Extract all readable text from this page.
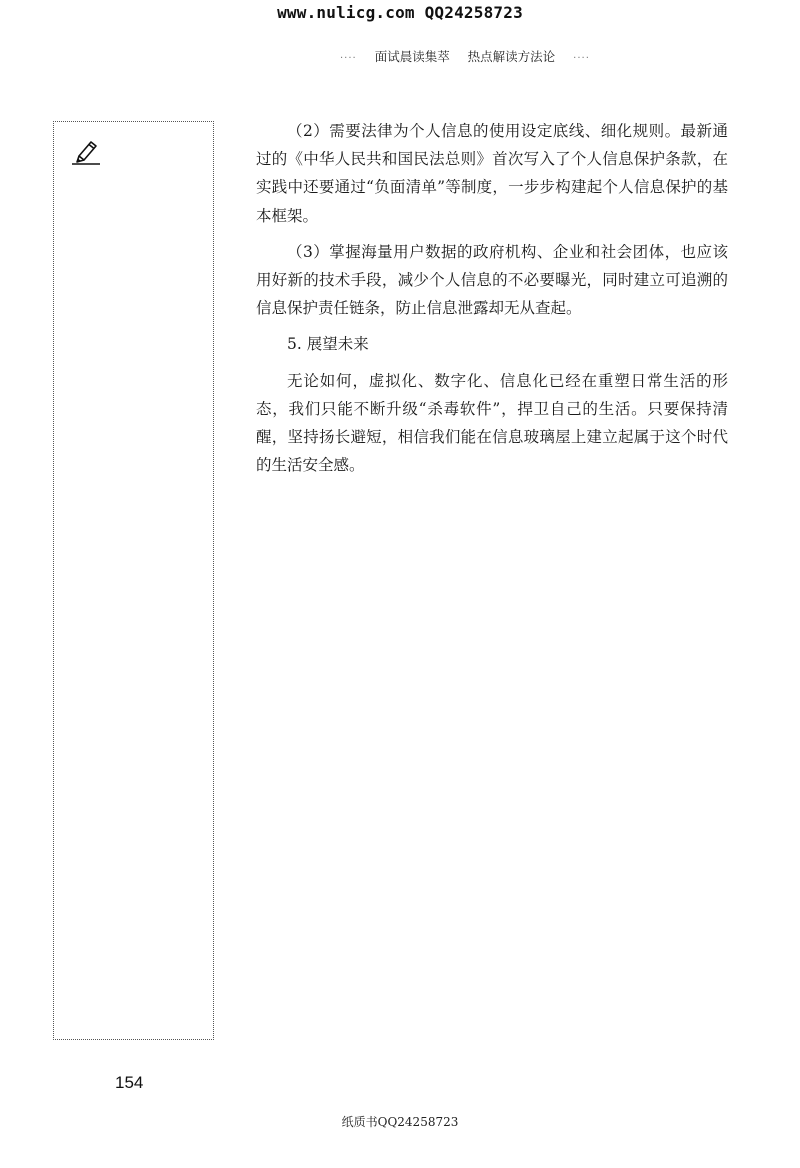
www.nulicg.com QQ24258723
···· 面试晨读集萃 热点解读方法论 ····

（2）需要法律为个人信息的使用设定底线、细化规则。最新通过的《中华人民共和国民法总则》首次写入了个人信息保护条款，在实践中还要通过“负面清单”等制度，一步步构建起个人信息保护的基本框架。

（3）掌握海量用户数据的政府机构、企业和社会团体，也应该用好新的技术手段，减少个人信息的不必要曝光，同时建立可追溯的信息保护责任链条，防止信息泄露却无从查起。

5. 展望未来

无论如何，虚拟化、数字化、信息化已经在重塑日常生活的形态，我们只能不断升级“杀毒软件”，捍卫自己的生活。只要保持清醒，坚持扬长避短，相信我们能在信息玻璃屋上建立起属于这个时代的生活安全感。

154
纸质书QQ24258723
